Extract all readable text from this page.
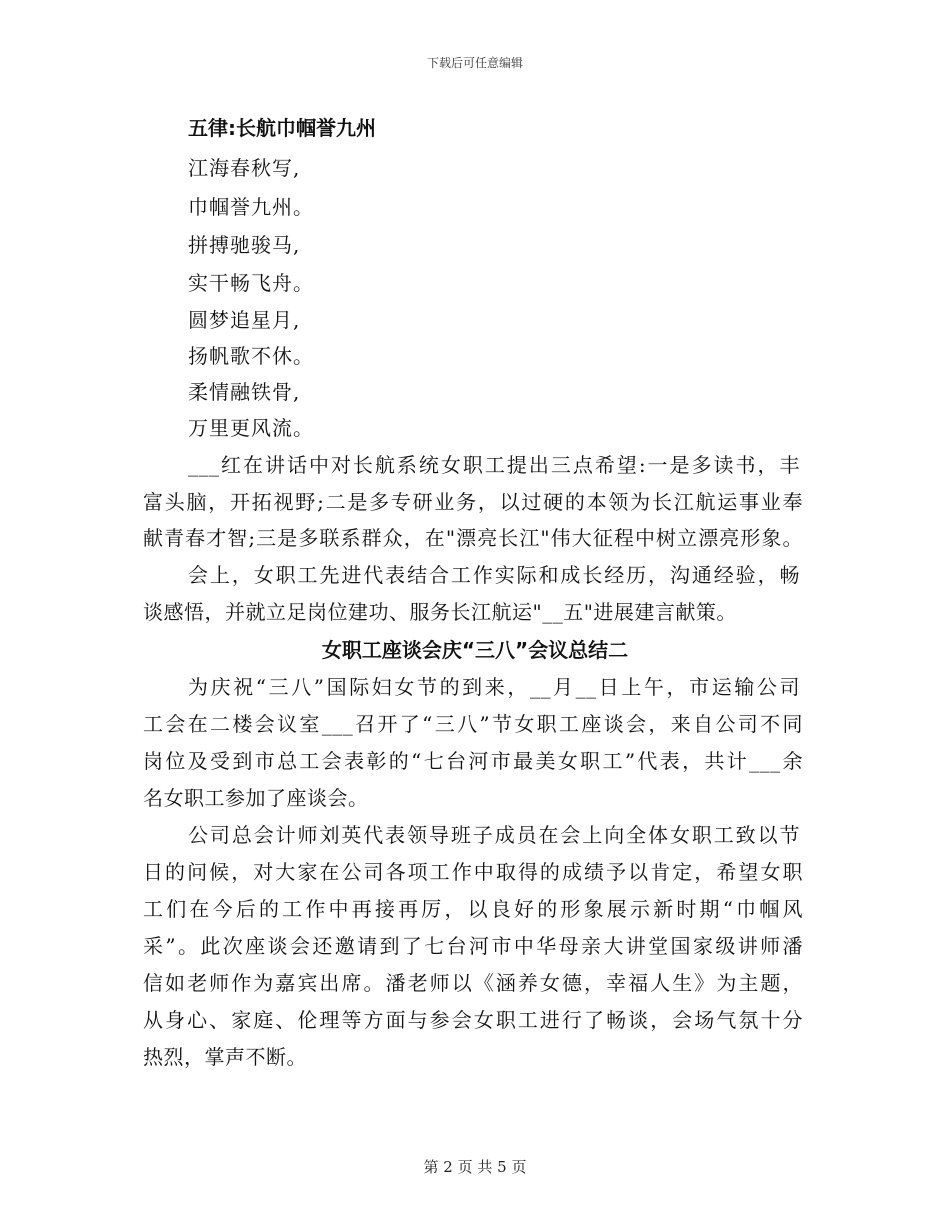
下载后可任意编辑
五律:长航巾帼誉九州
江海春秋写,
巾帼誉九州。
拼搏驰骏马,
实干畅飞舟。
圆梦追星月,
扬帆歌不休。
柔情融铁骨,
万里更风流。
___红在讲话中对长航系统女职工提出三点希望:一是多读书，丰
富头脑，开拓视野;二是多专研业务，以过硬的本领为长江航运事业奉
献青春才智;三是多联系群众，在"漂亮长江"伟大征程中树立漂亮形象。
会上，女职工先进代表结合工作实际和成长经历，沟通经验，畅
谈感悟，并就立足岗位建功、服务长江航运"__五"进展建言献策。
女职工座谈会庆“三八”会议总结二
为庆祝“三八”国际妇女节的到来，__月__日上午，市运输公司
工会在二楼会议室___召开了“三八”节女职工座谈会，来自公司不同
岗位及受到市总工会表彰的“七台河市最美女职工”代表，共计___余
名女职工参加了座谈会。
公司总会计师刘英代表领导班子成员在会上向全体女职工致以节
日的问候，对大家在公司各项工作中取得的成绩予以肯定，希望女职
工们在今后的工作中再接再厉，以良好的形象展示新时期“巾帼风
采”。此次座谈会还邀请到了七台河市中华母亲大讲堂国家级讲师潘
信如老师作为嘉宾出席。潘老师以《涵养女德，幸福人生》为主题，
从身心、家庭、伦理等方面与参会女职工进行了畅谈，会场气氛十分
热烈，掌声不断。
第 2 页 共 5 页
